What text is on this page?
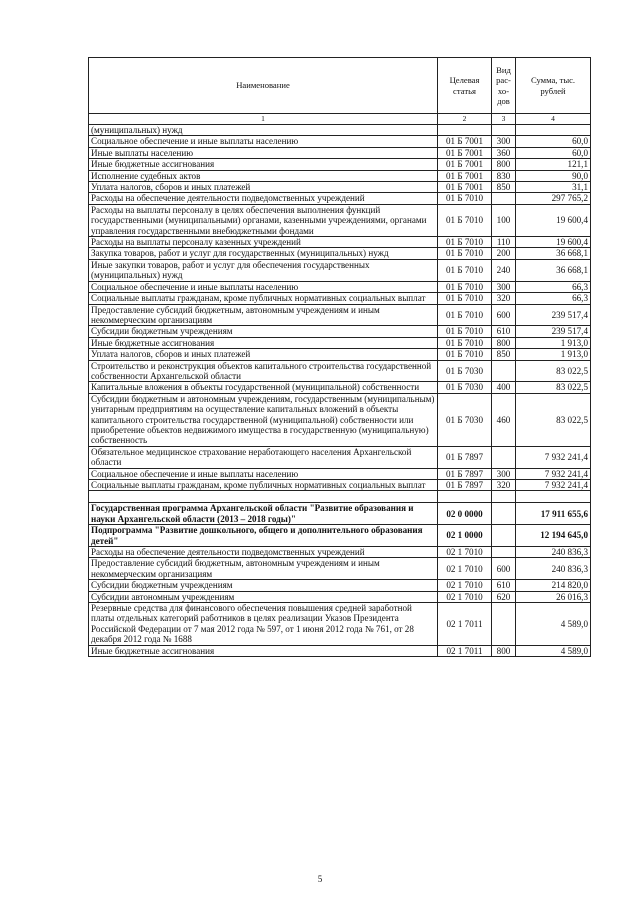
Наименование	Целевая статья	Вид рас- хо- дов	Сумма, тыс. рублей
1	2	3	4
(муниципальных) нужд			
Социальное обеспечение и иные выплаты населению	01 Б 7001	300	60,0
Иные выплаты населению	01 Б 7001	360	60,0
Иные бюджетные ассигнования	01 Б 7001	800	121,1
Исполнение судебных актов	01 Б 7001	830	90,0
Уплата налогов, сборов и иных платежей	01 Б 7001	850	31,1
Расходы на обеспечение деятельности подведомственных учреждений	01 Б 7010		297 765,2
Расходы на выплаты персоналу в целях обеспечения выполнения функций государственными (муниципальными) органами, казенными учреждениями, органами управления государственными внебюджетными фондами	01 Б 7010	100	19 600,4
Расходы на выплаты персоналу казенных учреждений	01 Б 7010	110	19 600,4
Закупка товаров, работ и услуг для государственных (муниципальных) нужд	01 Б 7010	200	36 668,1
Иные закупки товаров, работ и услуг для обеспечения государственных (муниципальных) нужд	01 Б 7010	240	36 668,1
Социальное обеспечение и иные выплаты населению	01 Б 7010	300	66,3
Социальные выплаты гражданам, кроме публичных нормативных социальных выплат	01 Б 7010	320	66,3
Предоставление субсидий бюджетным, автономным учреждениям и иным некоммерческим организациям	01 Б 7010	600	239 517,4
Субсидии бюджетным учреждениям	01 Б 7010	610	239 517,4
Иные бюджетные ассигнования	01 Б 7010	800	1 913,0
Уплата налогов, сборов и иных платежей	01 Б 7010	850	1 913,0
Строительство и реконструкция объектов капитального строительства государственной собственности Архангельской области	01 Б 7030		83 022,5
Капитальные вложения в объекты государственной (муниципальной) собственности	01 Б 7030	400	83 022,5
Субсидии бюджетным и автономным учреждениям, государственным (муниципальным) унитарным предприятиям на осуществление капитальных вложений в объекты капитального строительства государственной (муниципальной) собственности или приобретение объектов недвижимого имущества в государственную (муниципальную) собственность	01 Б 7030	460	83 022,5
Обязательное медицинское страхование неработающего населения Архангельской области	01 Б 7897		7 932 241,4
Социальное обеспечение и иные выплаты населению	01 Б 7897	300	7 932 241,4
Социальные выплаты гражданам, кроме публичных нормативных социальных выплат	01 Б 7897	320	7 932 241,4

Государственная программа Архангельской области "Развитие образования и науки Архангельской области (2013 – 2018 годы)"	02 0 0000		17 911 655,6
Подпрограмма "Развитие дошкольного, общего и дополнительного образования детей"	02 1 0000		12 194 645,0
Расходы на обеспечение деятельности подведомственных учреждений	02 1 7010		240 836,3
Предоставление субсидий бюджетным, автономным учреждениям и иным некоммерческим организациям	02 1 7010	600	240 836,3
Субсидии бюджетным учреждениям	02 1 7010	610	214 820,0
Субсидии автономным учреждениям	02 1 7010	620	26 016,3
Резервные средства для финансового обеспечения повышения средней заработной платы отдельных категорий работников в целях реализации Указов Президента Российской Федерации от 7 мая 2012 года № 597, от 1 июня 2012 года № 761, от 28 декабря 2012 года № 1688	02 1 7011		4 589,0
Иные бюджетные ассигнования	02 1 7011	800	4 589,0
5
